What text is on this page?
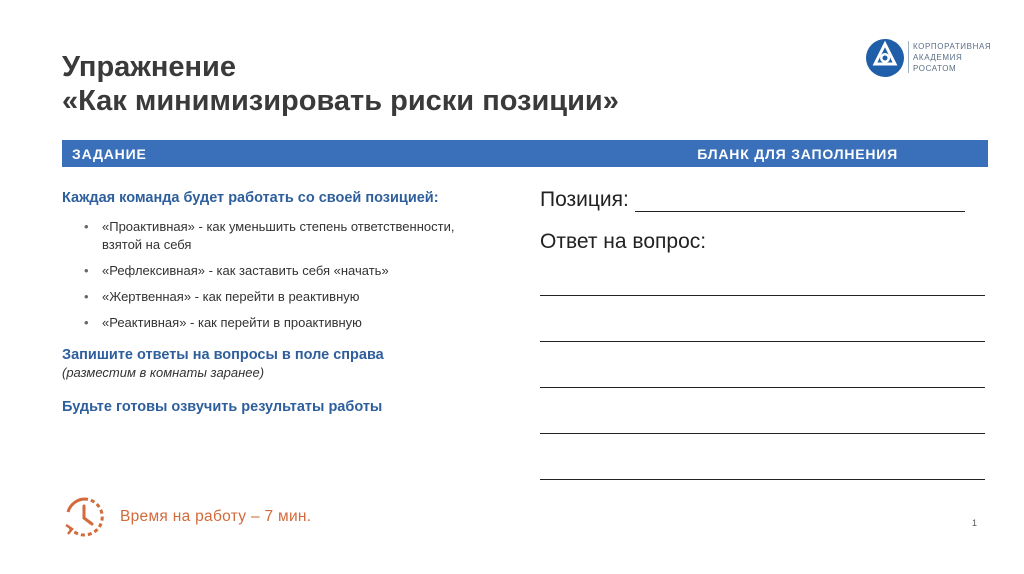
Упражнение
«Как минимизировать риски позиции»
КОРПОРАТИВНАЯ
АКАДЕМИЯ
РОСАТОМ
ЗАДАНИЕ	БЛАНК ДЛЯ ЗАПОЛНЕНИЯ
Каждая команда будет работать со своей позицией:
• «Проактивная» - как уменьшить степень ответственности, взятой на себя
• «Рефлексивная» - как заставить себя «начать»
• «Жертвенная» - как перейти в реактивную
• «Реактивная» - как перейти в проактивную
Запишите ответы на вопросы в поле справа
(разместим в комнаты заранее)
Будьте готовы озвучить результаты работы
Позиция:
Ответ на вопрос:
Время на работу – 7 мин.	1
